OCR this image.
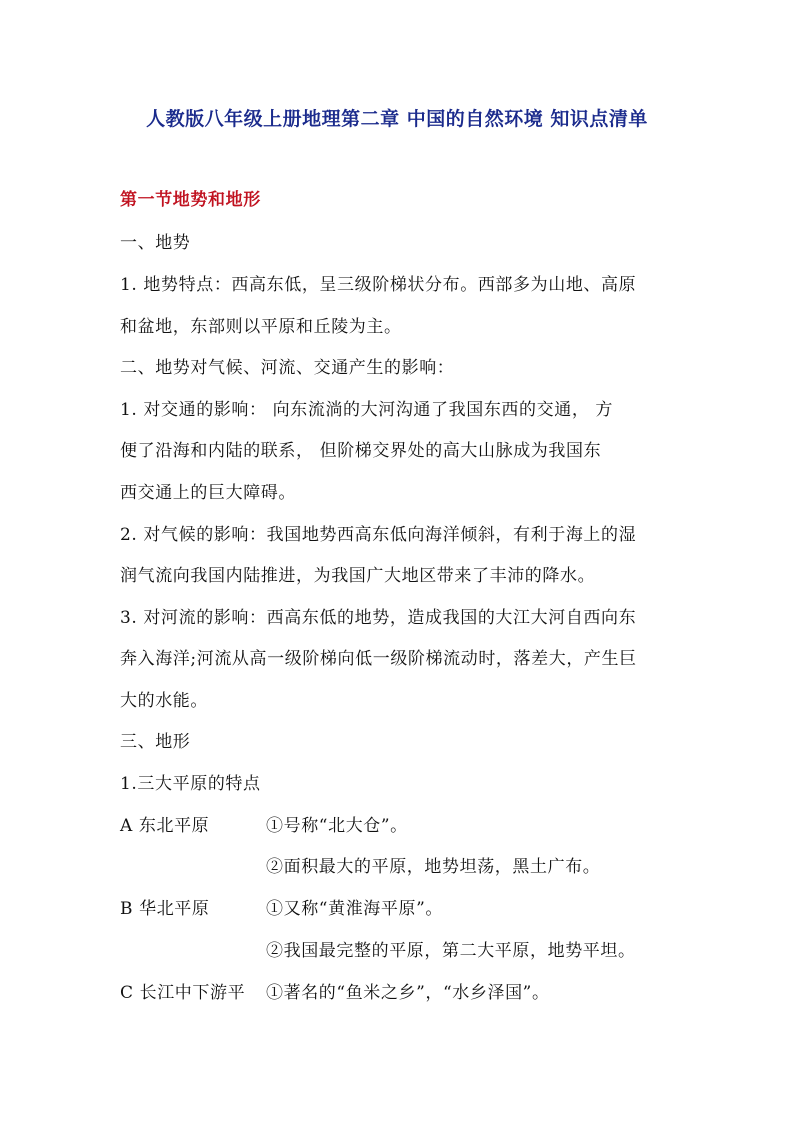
人教版八年级上册地理第二章 中国的自然环境 知识点清单
第一节地势和地形
一、地势
1. 地势特点：西高东低，呈三级阶梯状分布。西部多为山地、高原
和盆地，东部则以平原和丘陵为主。
二、地势对气候、河流、交通产生的影响：
1. 对交通的影响： 向东流淌的大河沟通了我国东西的交通， 方
便了沿海和内陆的联系， 但阶梯交界处的高大山脉成为我国东
西交通上的巨大障碍。
2. 对气候的影响：我国地势西高东低向海洋倾斜，有利于海上的湿
润气流向我国内陆推进，为我国广大地区带来了丰沛的降水。
3. 对河流的影响：西高东低的地势，造成我国的大江大河自西向东
奔入海洋;河流从高一级阶梯向低一级阶梯流动时，落差大，产生巨
大的水能。
三、地形
1.三大平原的特点
A 东北平原	①号称“北大仓”。
②面积最大的平原，地势坦荡，黑土广布。
B 华北平原	①又称“黄淮海平原”。
②我国最完整的平原，第二大平原，地势平坦。
C 长江中下游平 ①著名的“鱼米之乡”，“水乡泽国”。
